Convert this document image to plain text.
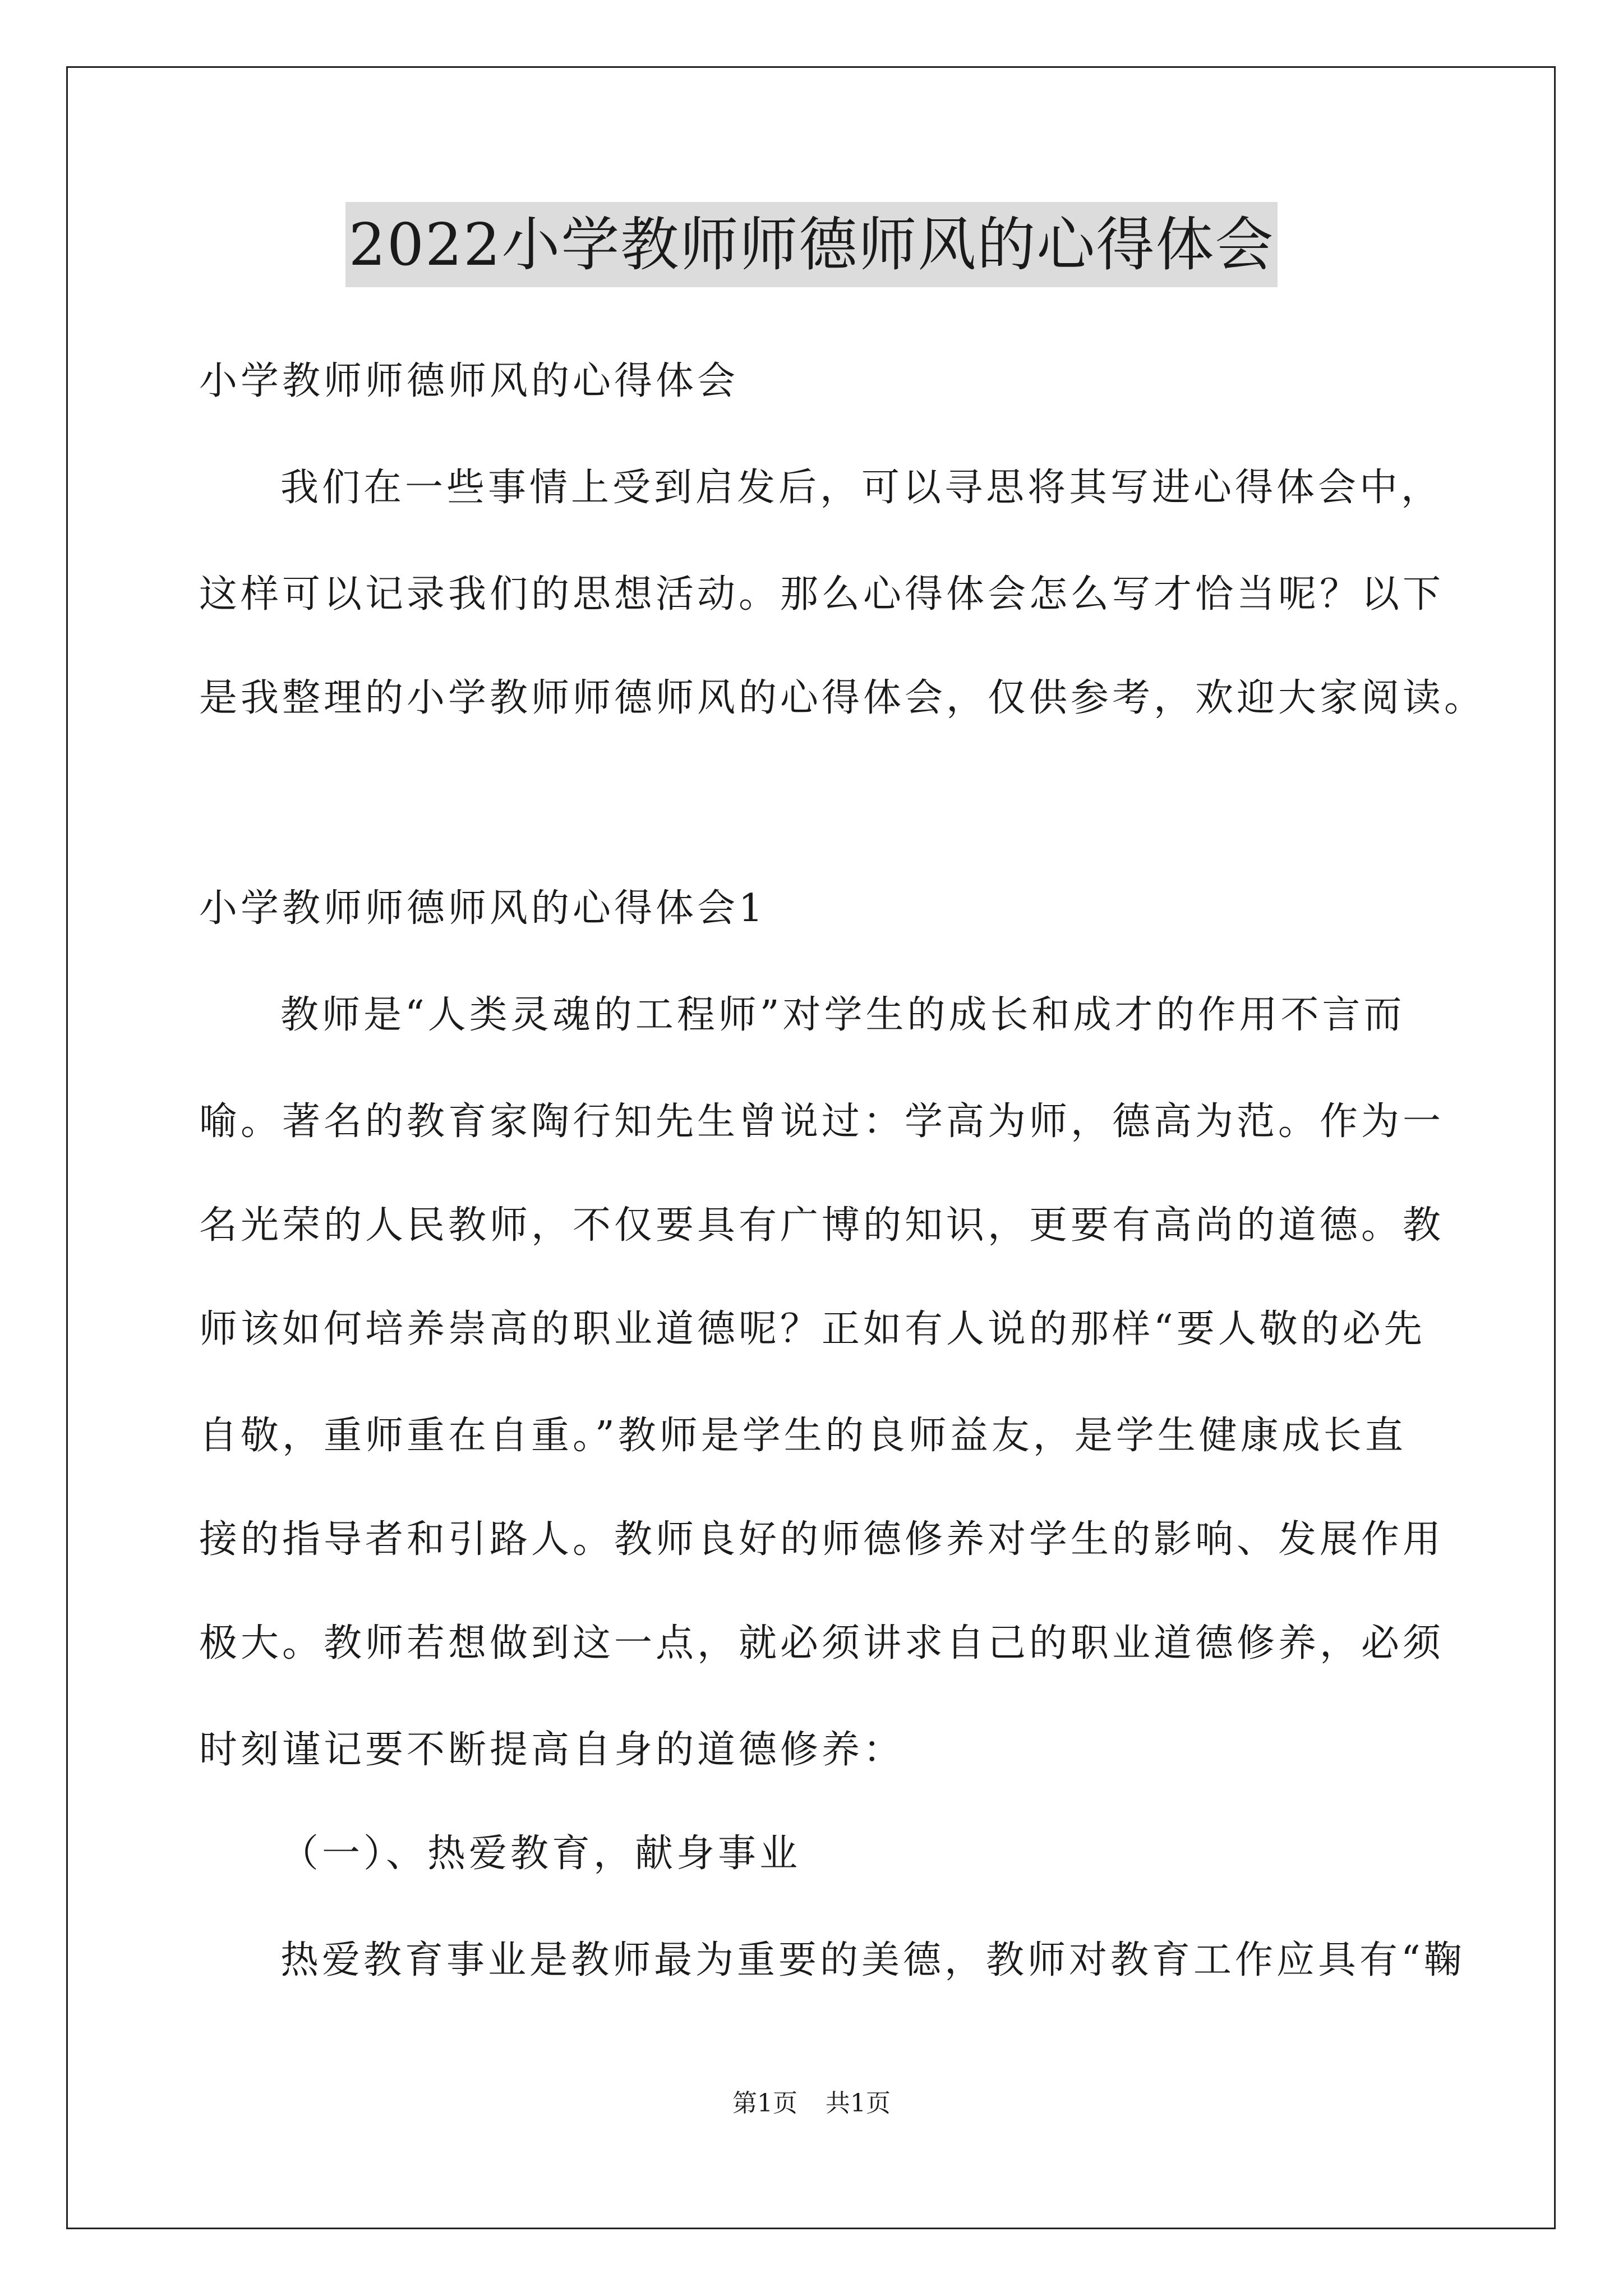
2022小学教师师德师风的心得体会
小学教师师德师风的心得体会
我们在一些事情上受到启发后，可以寻思将其写进心得体会中，
这样可以记录我们的思想活动。那么心得体会怎么写才恰当呢？以下
是我整理的小学教师师德师风的心得体会，仅供参考，欢迎大家阅读。
小学教师师德师风的心得体会1
教师是“人类灵魂的工程师”对学生的成长和成才的作用不言而
喻。著名的教育家陶行知先生曾说过：学高为师，德高为范。作为一
名光荣的人民教师，不仅要具有广博的知识，更要有高尚的道德。教
师该如何培养崇高的职业道德呢？正如有人说的那样“要人敬的必先
自敬，重师重在自重。”教师是学生的良师益友，是学生健康成长直
接的指导者和引路人。教师良好的师德修养对学生的影响、发展作用
极大。教师若想做到这一点，就必须讲求自己的职业道德修养，必须
时刻谨记要不断提高自身的道德修养：
（一）、热爱教育，献身事业
热爱教育事业是教师最为重要的美德，教师对教育工作应具有“鞠
第1页 共1页
